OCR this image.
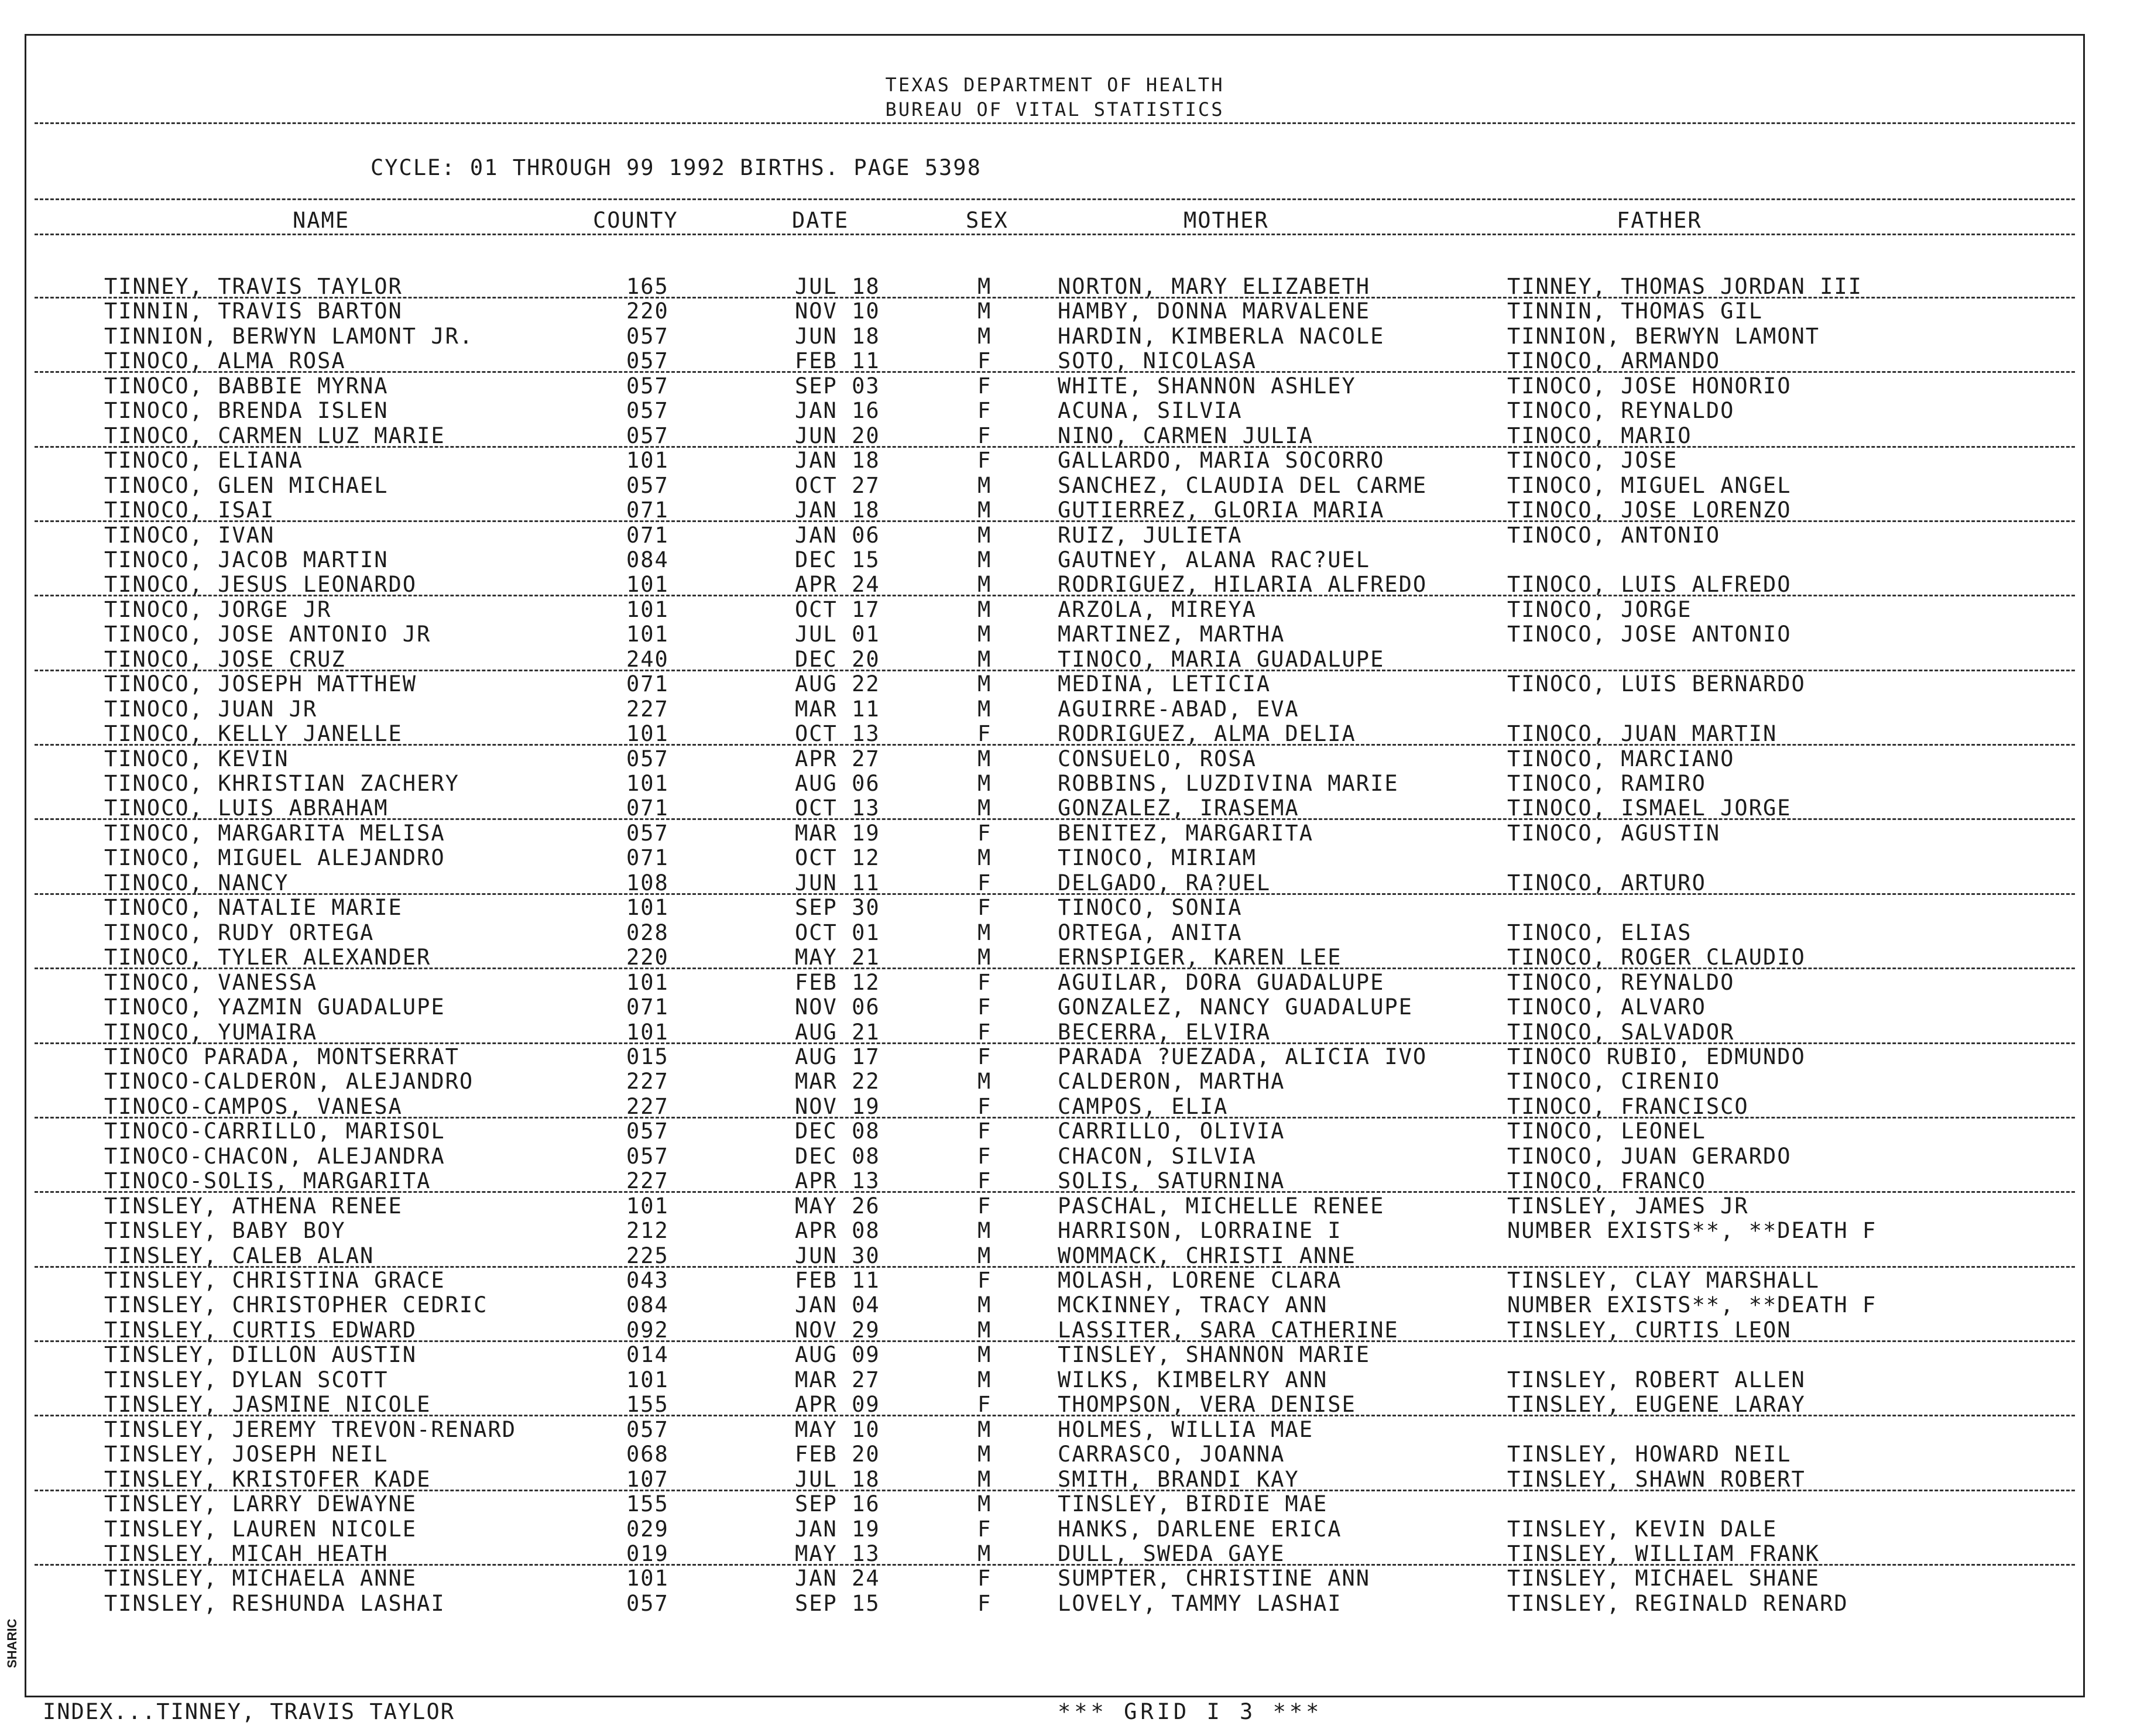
TEXAS DEPARTMENT OF HEALTH
BUREAU OF VITAL STATISTICS
CYCLE: 01 THROUGH 99 1992 BIRTHS. PAGE 5398
NAME	COUNTY	DATE	SEX	MOTHER	FATHER
TINNEY, TRAVIS TAYLOR	165	JUL 18	M	NORTON, MARY ELIZABETH	TINNEY, THOMAS JORDAN III
TINNIN, TRAVIS BARTON	220	NOV 10	M	HAMBY, DONNA MARVALENE	TINNIN, THOMAS GIL
TINNION, BERWYN LAMONT JR.	057	JUN 18	M	HARDIN, KIMBERLA NACOLE	TINNION, BERWYN LAMONT
TINOCO, ALMA ROSA	057	FEB 11	F	SOTO, NICOLASA	TINOCO, ARMANDO
TINOCO, BABBIE MYRNA	057	SEP 03	F	WHITE, SHANNON ASHLEY	TINOCO, JOSE HONORIO
TINOCO, BRENDA ISLEN	057	JAN 16	F	ACUNA, SILVIA	TINOCO, REYNALDO
TINOCO, CARMEN LUZ MARIE	057	JUN 20	F	NINO, CARMEN JULIA	TINOCO, MARIO
TINOCO, ELIANA	101	JAN 18	F	GALLARDO, MARIA SOCORRO	TINOCO, JOSE
TINOCO, GLEN MICHAEL	057	OCT 27	M	SANCHEZ, CLAUDIA DEL CARME	TINOCO, MIGUEL ANGEL
TINOCO, ISAI	071	JAN 18	M	GUTIERREZ, GLORIA MARIA	TINOCO, JOSE LORENZO
TINOCO, IVAN	071	JAN 06	M	RUIZ, JULIETA	TINOCO, ANTONIO
TINOCO, JACOB MARTIN	084	DEC 15	M	GAUTNEY, ALANA RAC?UEL
TINOCO, JESUS LEONARDO	101	APR 24	M	RODRIGUEZ, HILARIA ALFREDO	TINOCO, LUIS ALFREDO
TINOCO, JORGE JR	101	OCT 17	M	ARZOLA, MIREYA	TINOCO, JORGE
TINOCO, JOSE ANTONIO JR	101	JUL 01	M	MARTINEZ, MARTHA	TINOCO, JOSE ANTONIO
TINOCO, JOSE CRUZ	240	DEC 20	M	TINOCO, MARIA GUADALUPE
TINOCO, JOSEPH MATTHEW	071	AUG 22	M	MEDINA, LETICIA	TINOCO, LUIS BERNARDO
TINOCO, JUAN JR	227	MAR 11	M	AGUIRRE-ABAD, EVA
TINOCO, KELLY JANELLE	101	OCT 13	F	RODRIGUEZ, ALMA DELIA	TINOCO, JUAN MARTIN
TINOCO, KEVIN	057	APR 27	M	CONSUELO, ROSA	TINOCO, MARCIANO
TINOCO, KHRISTIAN ZACHERY	101	AUG 06	M	ROBBINS, LUZDIVINA MARIE	TINOCO, RAMIRO
TINOCO, LUIS ABRAHAM	071	OCT 13	M	GONZALEZ, IRASEMA	TINOCO, ISMAEL JORGE
TINOCO, MARGARITA MELISA	057	MAR 19	F	BENITEZ, MARGARITA	TINOCO, AGUSTIN
TINOCO, MIGUEL ALEJANDRO	071	OCT 12	M	TINOCO, MIRIAM
TINOCO, NANCY	108	JUN 11	F	DELGADO, RA?UEL	TINOCO, ARTURO
TINOCO, NATALIE MARIE	101	SEP 30	F	TINOCO, SONIA
TINOCO, RUDY ORTEGA	028	OCT 01	M	ORTEGA, ANITA	TINOCO, ELIAS
TINOCO, TYLER ALEXANDER	220	MAY 21	M	ERNSPIGER, KAREN LEE	TINOCO, ROGER CLAUDIO
TINOCO, VANESSA	101	FEB 12	F	AGUILAR, DORA GUADALUPE	TINOCO, REYNALDO
TINOCO, YAZMIN GUADALUPE	071	NOV 06	F	GONZALEZ, NANCY GUADALUPE	TINOCO, ALVARO
TINOCO, YUMAIRA	101	AUG 21	F	BECERRA, ELVIRA	TINOCO, SALVADOR
TINOCO PARADA, MONTSERRAT	015	AUG 17	F	PARADA ?UEZADA, ALICIA IVO	TINOCO RUBIO, EDMUNDO
TINOCO-CALDERON, ALEJANDRO	227	MAR 22	M	CALDERON, MARTHA	TINOCO, CIRENIO
TINOCO-CAMPOS, VANESA	227	NOV 19	F	CAMPOS, ELIA	TINOCO, FRANCISCO
TINOCO-CARRILLO, MARISOL	057	DEC 08	F	CARRILLO, OLIVIA	TINOCO, LEONEL
TINOCO-CHACON, ALEJANDRA	057	DEC 08	F	CHACON, SILVIA	TINOCO, JUAN GERARDO
TINOCO-SOLIS, MARGARITA	227	APR 13	F	SOLIS, SATURNINA	TINOCO, FRANCO
TINSLEY, ATHENA RENEE	101	MAY 26	F	PASCHAL, MICHELLE RENEE	TINSLEY, JAMES JR
TINSLEY, BABY BOY	212	APR 08	M	HARRISON, LORRAINE I	NUMBER EXISTS**, **DEATH F
TINSLEY, CALEB ALAN	225	JUN 30	M	WOMMACK, CHRISTI ANNE
TINSLEY, CHRISTINA GRACE	043	FEB 11	F	MOLASH, LORENE CLARA	TINSLEY, CLAY MARSHALL
TINSLEY, CHRISTOPHER CEDRIC	084	JAN 04	M	MCKINNEY, TRACY ANN	NUMBER EXISTS**, **DEATH F
TINSLEY, CURTIS EDWARD	092	NOV 29	M	LASSITER, SARA CATHERINE	TINSLEY, CURTIS LEON
TINSLEY, DILLON AUSTIN	014	AUG 09	M	TINSLEY, SHANNON MARIE
TINSLEY, DYLAN SCOTT	101	MAR 27	M	WILKS, KIMBELRY ANN	TINSLEY, ROBERT ALLEN
TINSLEY, JASMINE NICOLE	155	APR 09	F	THOMPSON, VERA DENISE	TINSLEY, EUGENE LARAY
TINSLEY, JEREMY TREVON-RENARD	057	MAY 10	M	HOLMES, WILLIA MAE
TINSLEY, JOSEPH NEIL	068	FEB 20	M	CARRASCO, JOANNA	TINSLEY, HOWARD NEIL
TINSLEY, KRISTOFER KADE	107	JUL 18	M	SMITH, BRANDI KAY	TINSLEY, SHAWN ROBERT
TINSLEY, LARRY DEWAYNE	155	SEP 16	M	TINSLEY, BIRDIE MAE
TINSLEY, LAUREN NICOLE	029	JAN 19	F	HANKS, DARLENE ERICA	TINSLEY, KEVIN DALE
TINSLEY, MICAH HEATH	019	MAY 13	M	DULL, SWEDA GAYE	TINSLEY, WILLIAM FRANK
TINSLEY, MICHAELA ANNE	101	JAN 24	F	SUMPTER, CHRISTINE ANN	TINSLEY, MICHAEL SHANE
TINSLEY, RESHUNDA LASHAI	057	SEP 15	F	LOVELY, TAMMY LASHAI	TINSLEY, REGINALD RENARD
INDEX...TINNEY, TRAVIS TAYLOR	*** GRID I 3 ***
SHARIC
